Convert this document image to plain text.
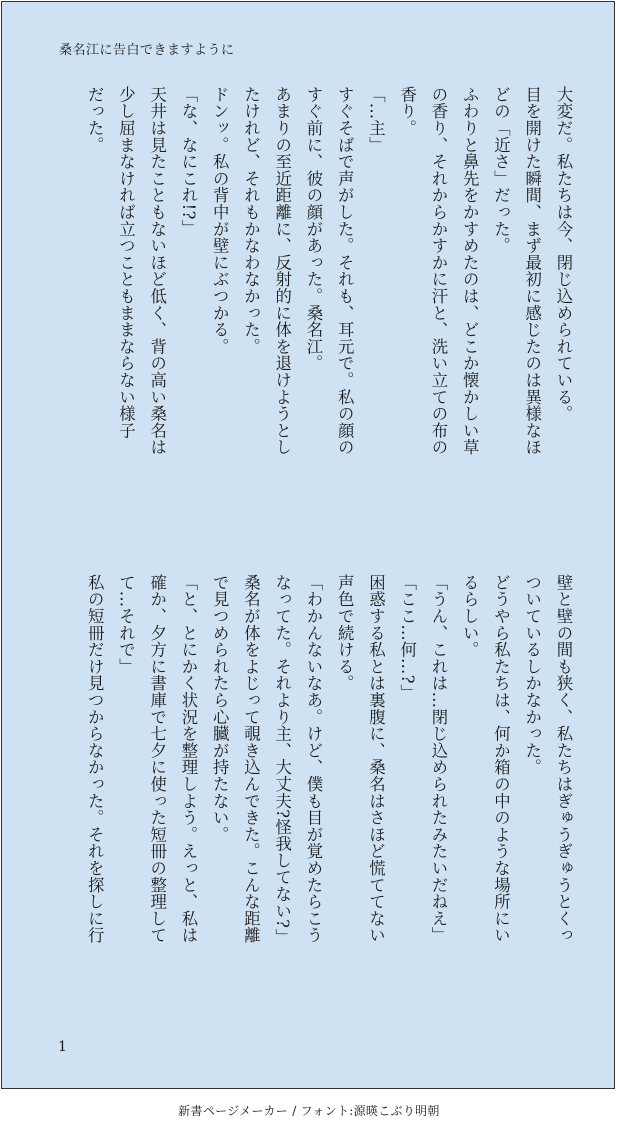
桑名江に告白できますように
大変だ。私たちは今、閉じ込められている。
目を開けた瞬間、まず最初に感じたのは異様なほ
どの「近さ」だった。
ふわりと鼻先をかすめたのは、どこか懐かしい草
の香り、それからかすかに汗と、洗い立ての布の
香り。
「…主」
すぐそばで声がした。それも、耳元で。私の顔の
すぐ前に、彼の顔があった。桑名江。
あまりの至近距離に、反射的に体を退けようとし
たけれど、それもかなわなかった。
ドンッ。私の背中が壁にぶつかる。
「な、なにこれ!?」
天井は見たこともないほど低く、背の高い桑名は
少し屈まなければ立つこともままならない様子
だった。
壁と壁の間も狭く、私たちはぎゅうぎゅうとくっ
ついているしかなかった。
どうやら私たちは、何か箱の中のような場所にい
るらしい。
「うん、これは…閉じ込められたみたいだねえ」
「ここ…何…?」
困惑する私とは裏腹に、桑名はさほど慌ててない
声色で続ける。
「わかんないなあ。けど、僕も目が覚めたらこう
なってた。それより主、大丈夫?怪我してない?」
桑名が体をよじって覗き込んできた。こんな距離
で見つめられたら心臓が持たない。
「と、とにかく状況を整理しよう。えっと、私は
確か、夕方に書庫で七夕に使った短冊の整理して
て…それで」
私の短冊だけ見つからなかった。それを探しに行
1
新書ページメーカー / フォント:源暎こぶり明朝
